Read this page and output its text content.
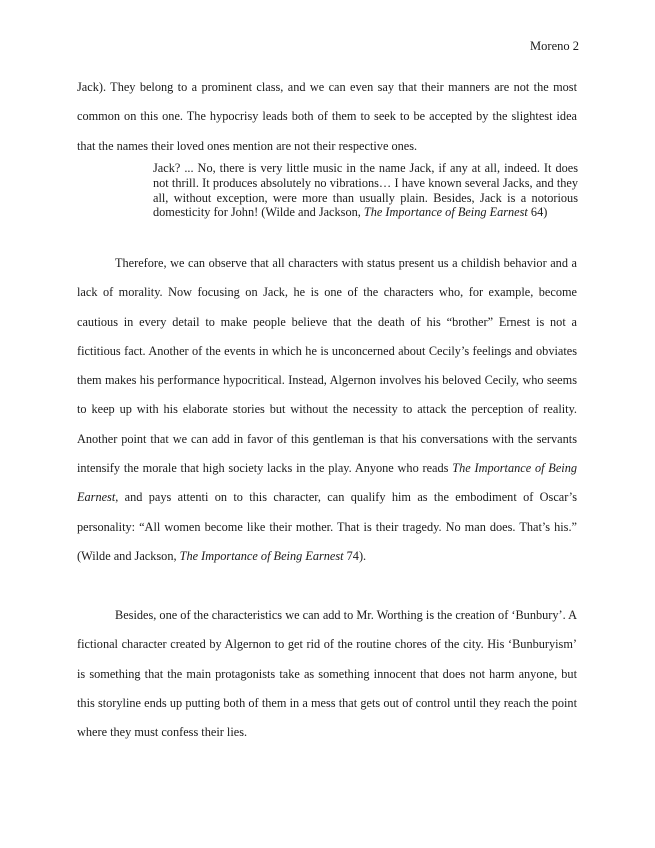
Moreno 2

Jack). They belong to a prominent class, and we can even say that their manners are not the most common on this one. The hypocrisy leads both of them to seek to be accepted by the slightest idea that the names their loved ones mention are not their respective ones.

Jack? ... No, there is very little music in the name Jack, if any at all, indeed. It does not thrill. It produces absolutely no vibrations… I have known several Jacks, and they all, without exception, were more than usually plain. Besides, Jack is a notorious domesticity for John! (Wilde and Jackson, The Importance of Being Earnest 64)

Therefore, we can observe that all characters with status present us a childish behavior and a lack of morality. Now focusing on Jack, he is one of the characters who, for example, become cautious in every detail to make people believe that the death of his “brother” Ernest is not a fictitious fact. Another of the events in which he is unconcerned about Cecily’s feelings and obviates them makes his performance hypocritical. Instead, Algernon involves his beloved Cecily, who seems to keep up with his elaborate stories but without the necessity to attack the perception of reality. Another point that we can add in favor of this gentleman is that his conversations with the servants intensify the morale that high society lacks in the play. Anyone who reads The Importance of Being Earnest, and pays attenti on to this character, can qualify him as the embodiment of Oscar’s personality: “All women become like their mother. That is their tragedy. No man does. That’s his.” (Wilde and Jackson, The Importance of Being Earnest 74).

Besides, one of the characteristics we can add to Mr. Worthing is the creation of ‘Bunbury’. A fictional character created by Algernon to get rid of the routine chores of the city. His ‘Bunburyism’ is something that the main protagonists take as something innocent that does not harm anyone, but this storyline ends up putting both of them in a mess that gets out of control until they reach the point where they must confess their lies.
